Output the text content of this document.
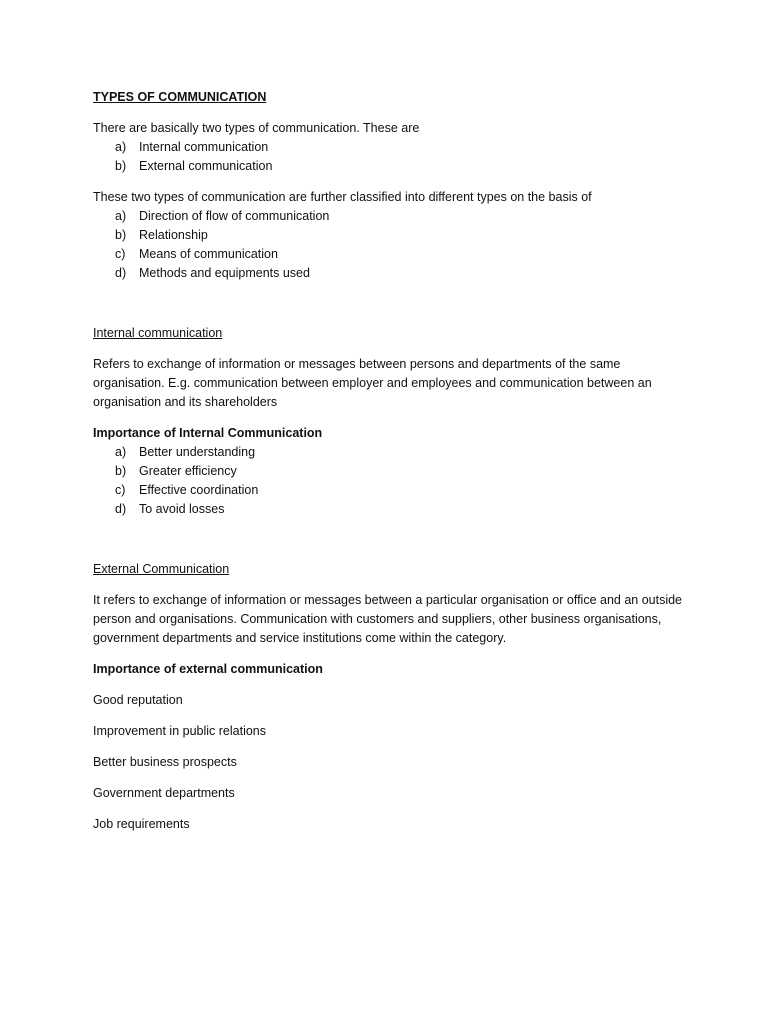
TYPES OF COMMUNICATION

There are basically two types of communication. These are

a)	Internal communication
b)	External communication

These two types of communication are further classified into different types on the basis of

a)	Direction of flow of communication
b)	Relationship
c)	Means of communication
d)	Methods and equipments used

Internal communication

Refers to exchange of information or messages between persons and departments of the same organisation. E.g. communication between employer and employees and communication between an organisation and its shareholders

Importance of Internal Communication

a)	Better understanding
b)	Greater efficiency
c)	Effective coordination
d)	To avoid losses

External Communication

It refers to exchange of information or messages between a particular organisation or office and an outside person and organisations. Communication with customers and suppliers, other business organisations, government departments and service institutions come within the category.

Importance of external communication

Good reputation

Improvement in public relations

Better business prospects

Government departments

Job requirements
